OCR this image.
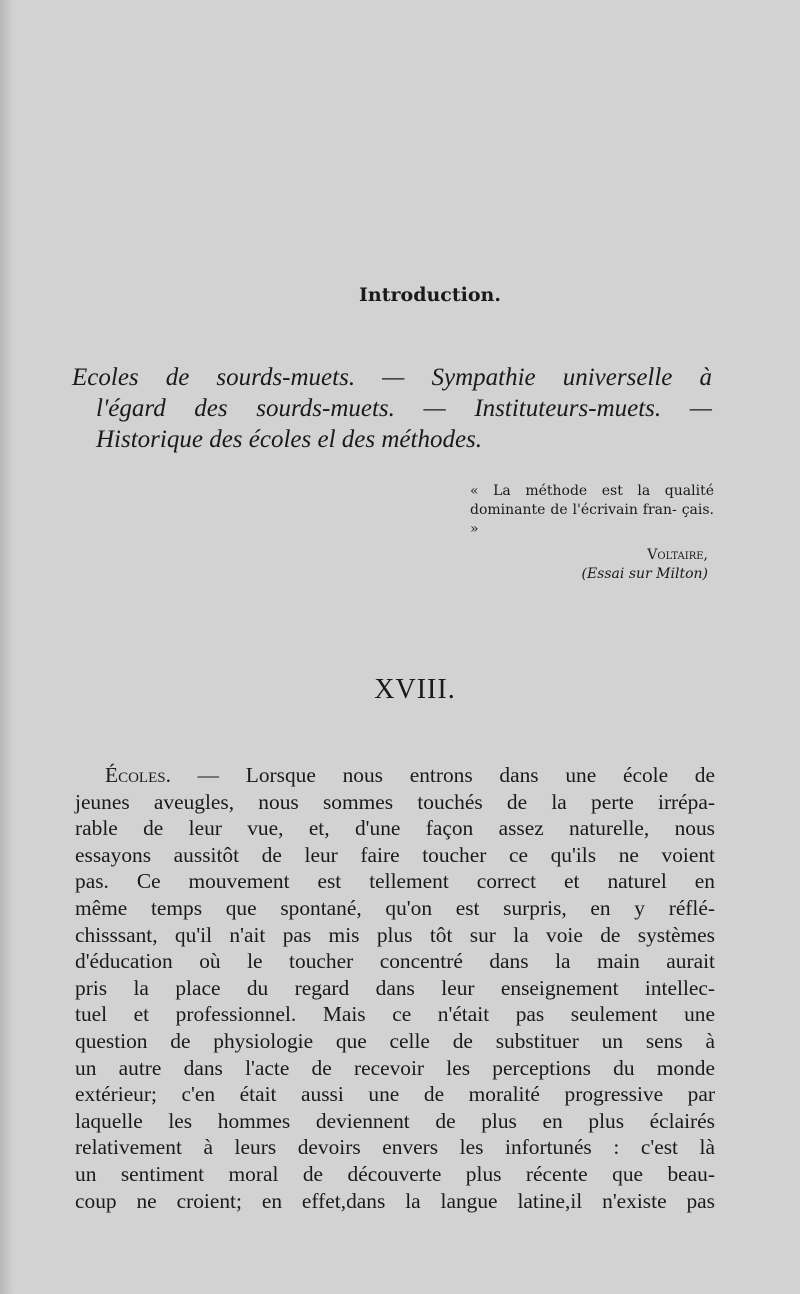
Introduction.
Ecoles de sourds-muets. — Sympathie universelle à
l'égard des sourds-muets. — Instituteurs-muets. —
Historique des écoles el des méthodes.
« La méthode est la qualité dominante de l'écrivain fran- çais. »
Voltaire,
(Essai sur Milton)
XVIII.
Écoles. — Lorsque nous entrons dans une école de
jeunes aveugles, nous sommes touchés de la perte irrépa-
rable de leur vue, et, d'une façon assez naturelle, nous
essayons aussitôt de leur faire toucher ce qu'ils ne voient
pas. Ce mouvement est tellement correct et naturel en
même temps que spontané, qu'on est surpris, en y réflé-
chisssant, qu'il n'ait pas mis plus tôt sur la voie de systèmes
d'éducation où le toucher concentré dans la main aurait
pris la place du regard dans leur enseignement intellec-
tuel et professionnel. Mais ce n'était pas seulement une
question de physiologie que celle de substituer un sens à
un autre dans l'acte de recevoir les perceptions du monde
extérieur; c'en était aussi une de moralité progressive par
laquelle les hommes deviennent de plus en plus éclairés
relativement à leurs devoirs envers les infortunés : c'est là
un sentiment moral de découverte plus récente que beau-
coup ne croient; en effet,dans la langue latine,il n'existe pas
